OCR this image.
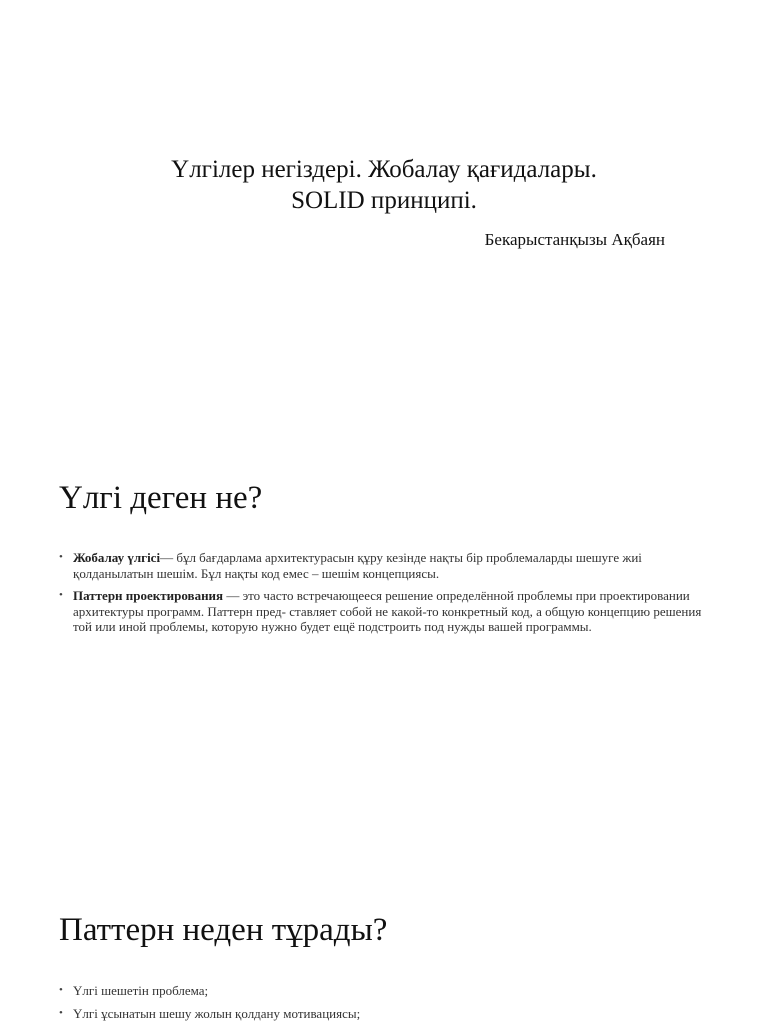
Үлгілер негіздері. Жобалау қағидалары.
SOLID принципі.
Бекарыстанқызы Ақбаян
Үлгі деген не?
• Жобалау үлгісі— бұл бағдарлама архитектурасын құру кезінде нақты бір проблемаларды шешуге жиі қолданылатын шешім. Бұл нақты код емес – шешім концепциясы.
• Паттерн проектирования — это часто встречающееся решение определённой проблемы при проектировании архитектуры программ. Паттерн пред- ставляет собой не какой-то конкретный код, а общую концепцию решения той или иной проблемы, которую нужно будет ещё подстроить под нужды вашей программы.
Паттерн неден тұрады?
• Үлгі шешетін проблема;
• Үлгі ұсынатын шешу жолын қолдану мотивациясы;
